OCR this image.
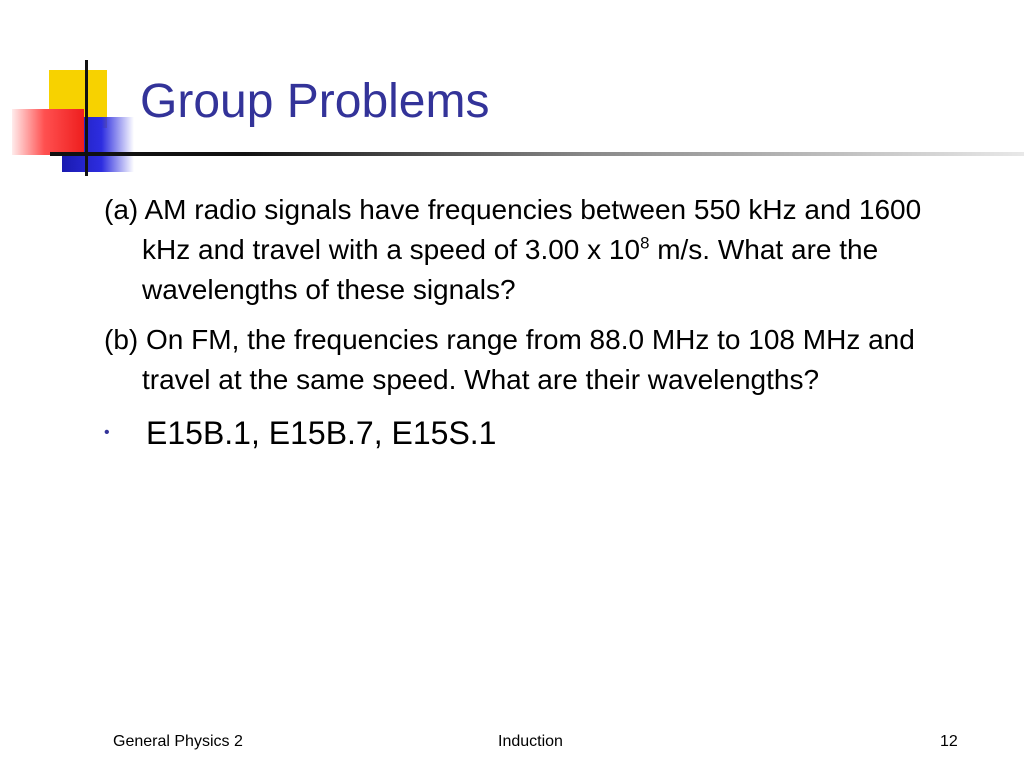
Group Problems

(a) AM radio signals have frequencies between 550 kHz and 1600 kHz and travel with a speed of 3.00 x $10^8$ m/s. What are the wavelengths of these signals?

(b) On FM, the frequencies range from 88.0 MHz to 108 MHz and travel at the same speed. What are their wavelengths?

• E15B.1, E15B.7, E15S.1
General Physics 2	Induction	12
